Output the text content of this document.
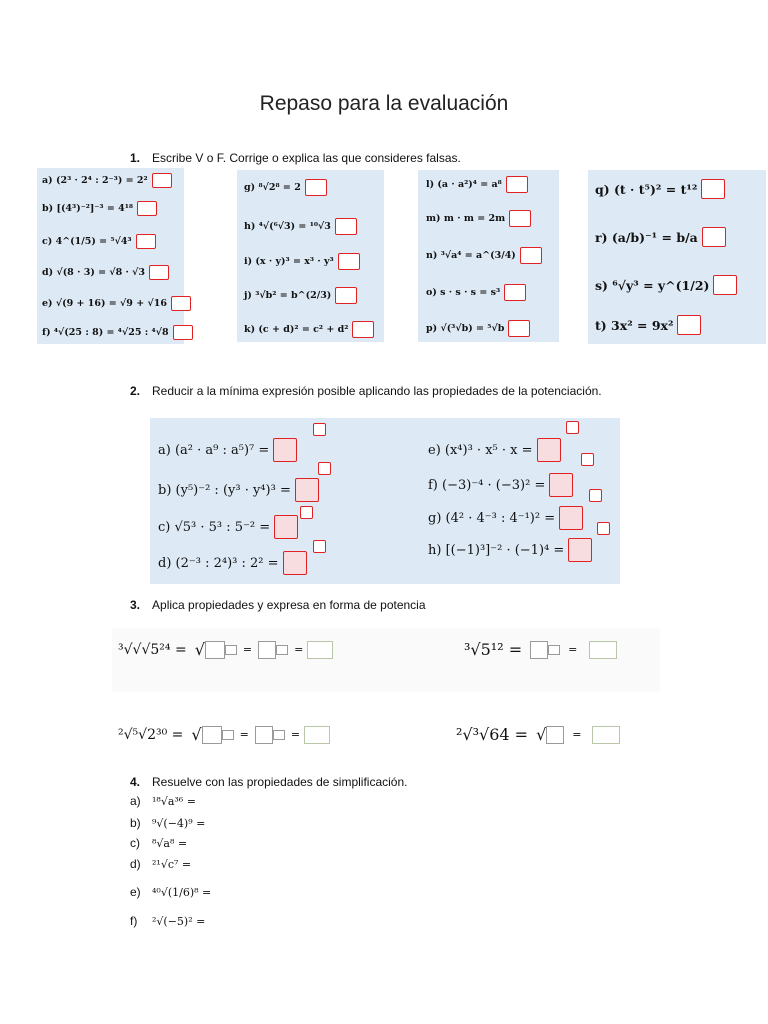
Repaso para la evaluación
1. Escribe V o F. Corrige o explica las que consideres falsas.
a) (2³ · 2⁴ : 2⁻³) = 2²
b) [(4³)⁻²]⁻³ = 4¹⁸
c) 4^(1/5) = ⁵√4³
d) √(8 · 3) = √8 · √3
e) √(9 + 16) = √9 + √16
f) ⁴√(25 : 8) = ⁴√25 : ⁴√8
g) ⁸√2⁸ = 2
h) ⁴√(⁶√3) = ¹⁰√3
i) (x · y)³ = x³ · y³
j) ³√b² = b^(2/3)
k) (c + d)² = c² + d²
l) (a · a²)⁴ = a⁸
m) m · m = 2m
n) ³√a⁴ = a^(3/4)
o) s · s · s = s³
p) √(³√b) = ⁵√b
q) (t · t⁵)² = t¹²
r) (a/b)⁻¹ = b/a
s) ⁶√y³ = y^(1/2)
t) 3x² = 9x²
2. Reducir a la mínima expresión posible aplicando las propiedades de la potenciación.
a) (a² · a⁹ : a⁵)⁷ =
b) (y⁵)⁻² : (y³ · y⁴)³ =
c) √5³ · 5³ : 5⁻² =
d) (2⁻³ : 2⁴)³ : 2² =
e) (x⁴)³ · x⁵ · x =
f) (−3)⁻⁴ · (−3)² =
g) (4² · 4⁻³ : 4⁻¹)² =
h) [(−1)³]⁻² · (−1)⁴ =
3. Aplica propiedades y expresa en forma de potencia
³√√√5²⁴ = √	=	=	³√5¹² =	=
²√⁵√2³⁰ = √	=	=	²√³√64 = √ =
4. Resuelve con las propiedades de simplificación.
a)	¹⁸√a³⁶ =
b)	⁹√(−4)⁹ =
c)	⁸√a⁸ =
d)	²¹√c⁷ =
e)	⁴⁰√(1/6)⁸ =
f)	²√(−5)² =
